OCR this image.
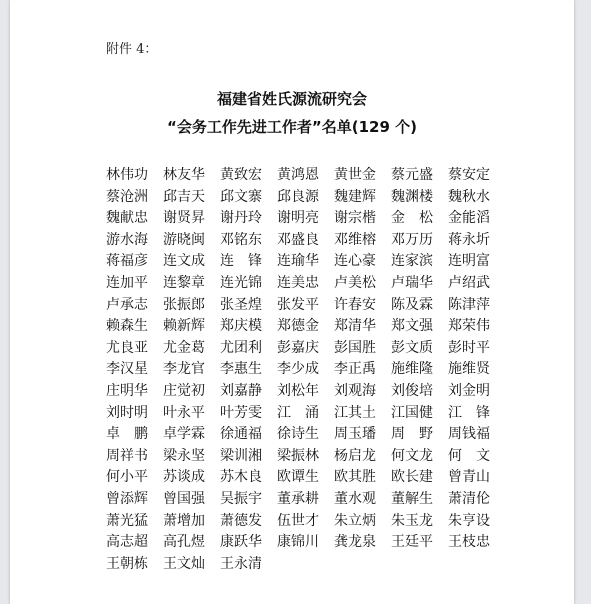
附件 4：
福建省姓氏源流研究会
“会务工作先进工作者”名单(129 个)
林伟功	林友华	黄致宏	黄鸿恩	黄世金	蔡元盛	蔡安定
蔡沧洲	邱吉天	邱文寨	邱良源	魏建辉	魏渊楼	魏秋水
魏献忠	谢贤昇	谢丹玲	谢明亮	谢宗楷	金　松	金能滔
游水海	游晓闽	邓铭东	邓盛良	邓维榕	邓万历	蒋永圻
蒋福彦	连文成	连　锋	连瑜华	连心豪	连家滨	连明富
连加平	连黎章	连光锦	连美忠	卢美松	卢瑞华	卢绍武
卢承志	张振郎	张圣煌	张发平	许春安	陈及霖	陈津萍
赖森生	赖新辉	郑庆模	郑德金	郑清华	郑文强	郑荣伟
尤良亚	尤金葛	尤团利	彭嘉庆	彭国胜	彭文质	彭时平
李汉星	李龙官	李惠生	李少成	李正禹	施维隆	施维贤
庄明华	庄觉初	刘嘉静	刘松年	刘观海	刘俊培	刘金明
刘时明	叶永平	叶芳雯	江　涌	江其土	江国健	江　锋
卓　鹏	卓学霖	徐通福	徐诗生	周玉璠	周　野	周钱福
周祥书	梁永坚	梁训湘	梁振林	杨启龙	何文龙	何　文
何小平	苏谈成	苏木良	欧谭生	欧其胜	欧长建	曾青山
曾添辉	曾国强	吴振宇	董承耕	董水观	董解生	萧清伦
萧光猛	萧增加	萧德发	伍世才	朱立炳	朱玉龙	朱亨设
高志超	高孔煜	康跃华	康锦川	龚龙泉	王廷平	王枝忠
王朝栋	王文灿	王永清
